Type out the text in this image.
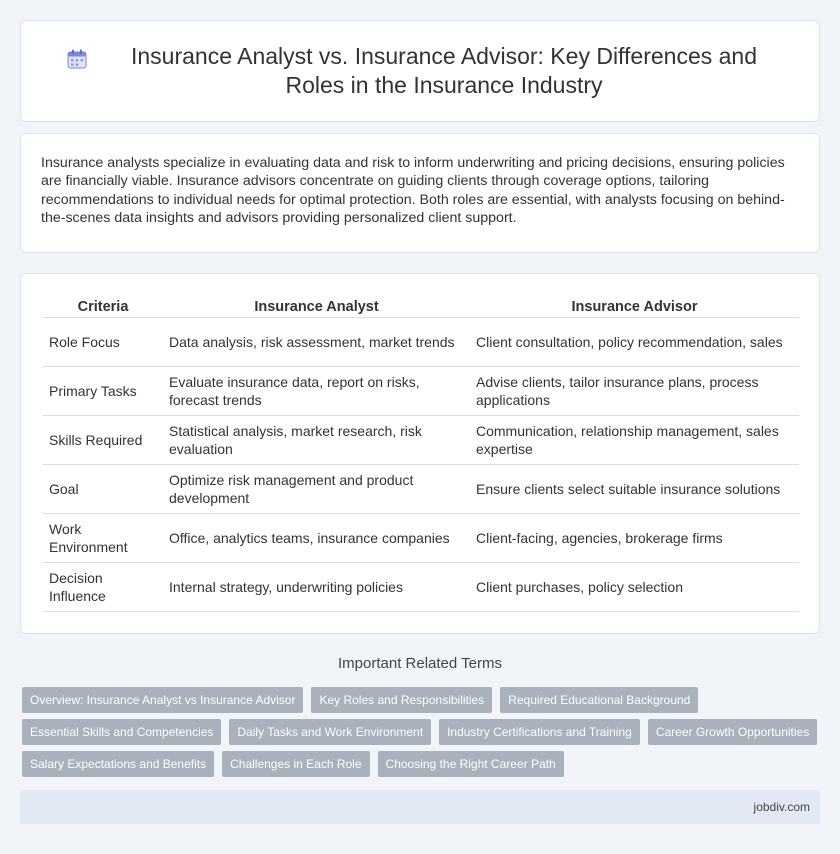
Insurance Analyst vs. Insurance Advisor: Key Differences and Roles in the Insurance Industry

Insurance analysts specialize in evaluating data and risk to inform underwriting and pricing decisions, ensuring policies are financially viable. Insurance advisors concentrate on guiding clients through coverage options, tailoring recommendations to individual needs for optimal protection. Both roles are essential, with analysts focusing on behind-the-scenes data insights and advisors providing personalized client support.

Criteria	Insurance Analyst	Insurance Advisor
Role Focus	Data analysis, risk assessment, market trends	Client consultation, policy recommendation, sales
Primary Tasks	Evaluate insurance data, report on risks, forecast trends	Advise clients, tailor insurance plans, process applications
Skills Required	Statistical analysis, market research, risk evaluation	Communication, relationship management, sales expertise
Goal	Optimize risk management and product development	Ensure clients select suitable insurance solutions
Work Environment	Office, analytics teams, insurance companies	Client-facing, agencies, brokerage firms
Decision Influence	Internal strategy, underwriting policies	Client purchases, policy selection
Important Related Terms
Overview: Insurance Analyst vs Insurance Advisor	Key Roles and Responsibilities	Required Educational Background
Essential Skills and Competencies	Daily Tasks and Work Environment	Industry Certifications and Training	Career Growth Opportunities
Salary Expectations and Benefits	Challenges in Each Role	Choosing the Right Career Path
jobdiv.com
